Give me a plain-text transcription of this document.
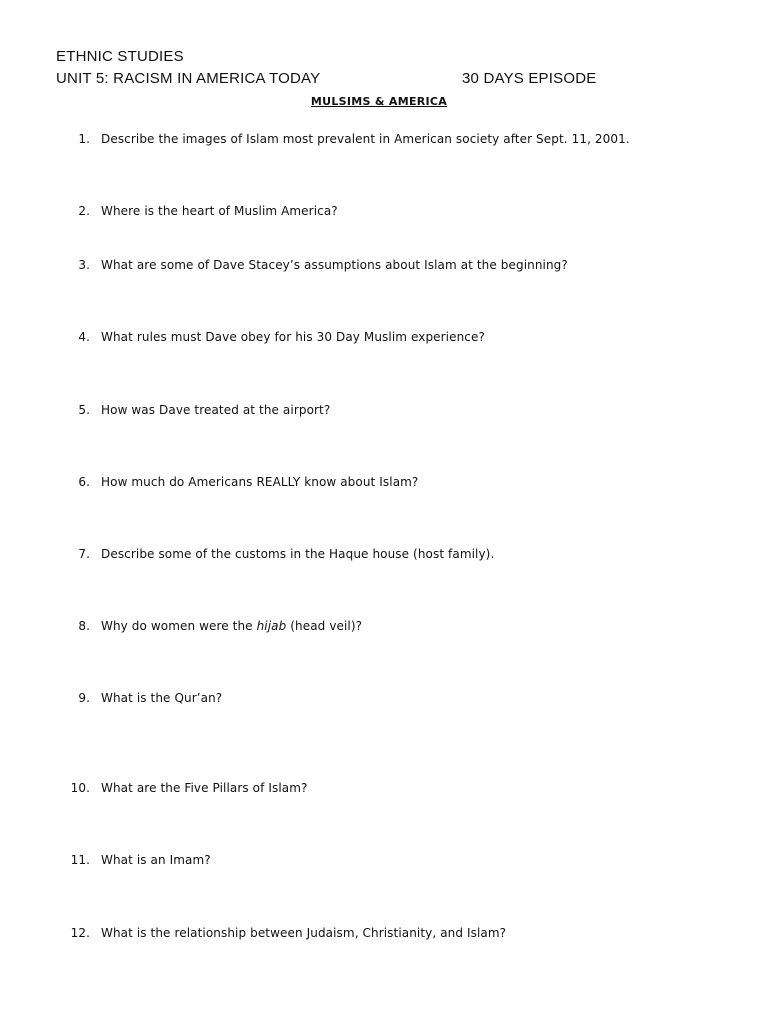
ETHNIC STUDIES
UNIT 5: RACISM IN AMERICA TODAY	30 DAYS EPISODE
MULSIMS & AMERICA
1. Describe the images of Islam most prevalent in American society after Sept. 11, 2001.
2. Where is the heart of Muslim America?
3. What are some of Dave Stacey’s assumptions about Islam at the beginning?
4. What rules must Dave obey for his 30 Day Muslim experience?
5. How was Dave treated at the airport?
6. How much do Americans REALLY know about Islam?
7. Describe some of the customs in the Haque house (host family).
8. Why do women were the hijab (head veil)?
9. What is the Qur’an?
10. What are the Five Pillars of Islam?
11. What is an Imam?
12. What is the relationship between Judaism, Christianity, and Islam?
